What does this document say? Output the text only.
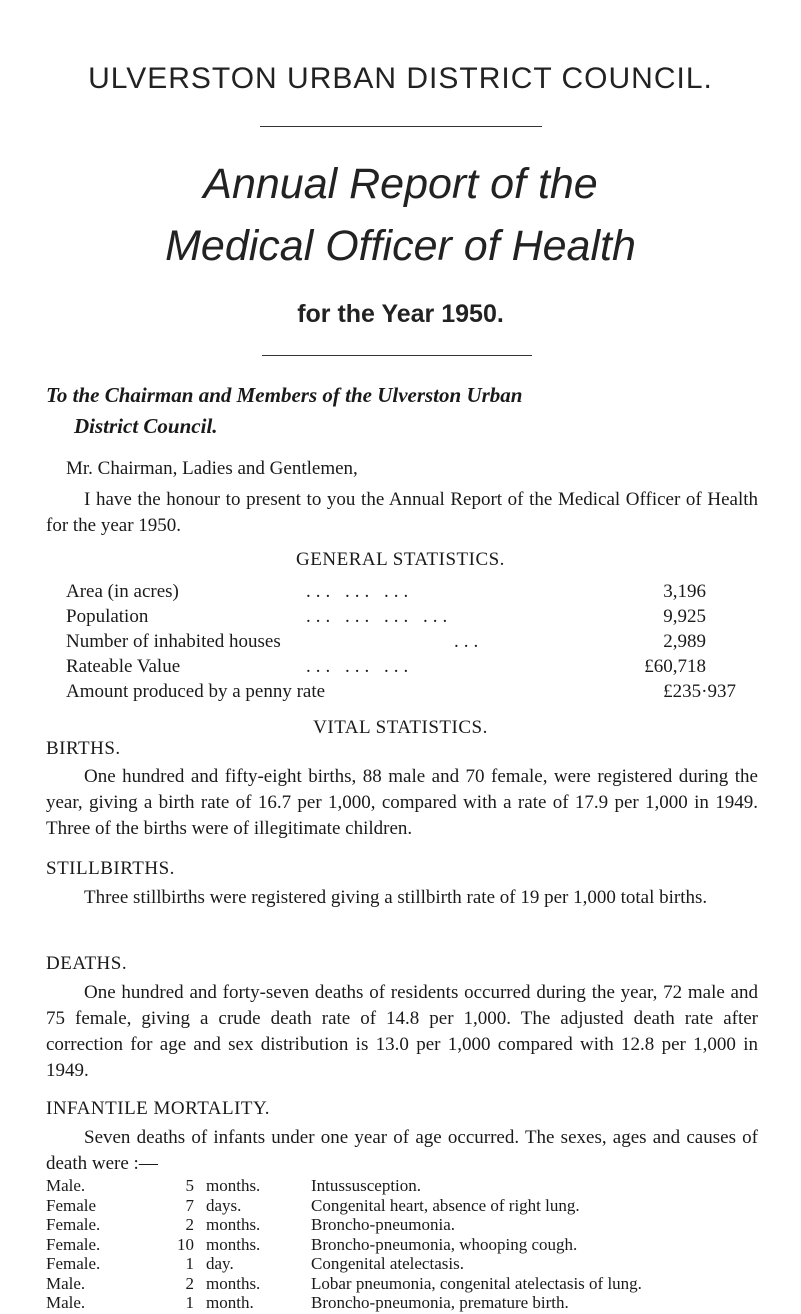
ULVERSTON URBAN DISTRICT COUNCIL.
Annual Report of the
Medical Officer of Health
for the Year 1950.
To the Chairman and Members of the Ulverston Urban
District Council.
Mr. Chairman, Ladies and Gentlemen,
I have the honour to present to you the Annual Report of the Medical Officer of Health for the year 1950.
GENERAL STATISTICS.
Area (in acres)	... ... ...	3,196
Population	... ... ... ...	9,925
Number of inhabited houses	...	2,989
Rateable Value	... ... ...	£60,718
Amount produced by a penny rate	£235·937
VITAL STATISTICS.
BIRTHS.
One hundred and fifty-eight births, 88 male and 70 female, were registered during the year, giving a birth rate of 16.7 per 1,000, compared with a rate of 17.9 per 1,000 in 1949. Three of the births were of illegitimate children.
STILLBIRTHS.
Three stillbirths were registered giving a stillbirth rate of 19 per 1,000 total births.
DEATHS.
One hundred and forty-seven deaths of residents occurred during the year, 72 male and 75 female, giving a crude death rate of 14.8 per 1,000. The adjusted death rate after correction for age and sex distribution is 13.0 per 1,000 compared with 12.8 per 1,000 in 1949.
INFANTILE MORTALITY.
Seven deaths of infants under one year of age occurred. The sexes, ages and causes of death were :—
Male.	5 months.	Intussusception.
Female	7 days.	Congenital heart, absence of right lung.
Female.	2 months.	Broncho-pneumonia.
Female.	10 months.	Broncho-pneumonia, whooping cough.
Female.	1 day.	Congenital atelectasis.
Male.	2 months.	Lobar pneumonia, congenital atelectasis of lung.
Male.	1 month.	Broncho-pneumonia, premature birth.
